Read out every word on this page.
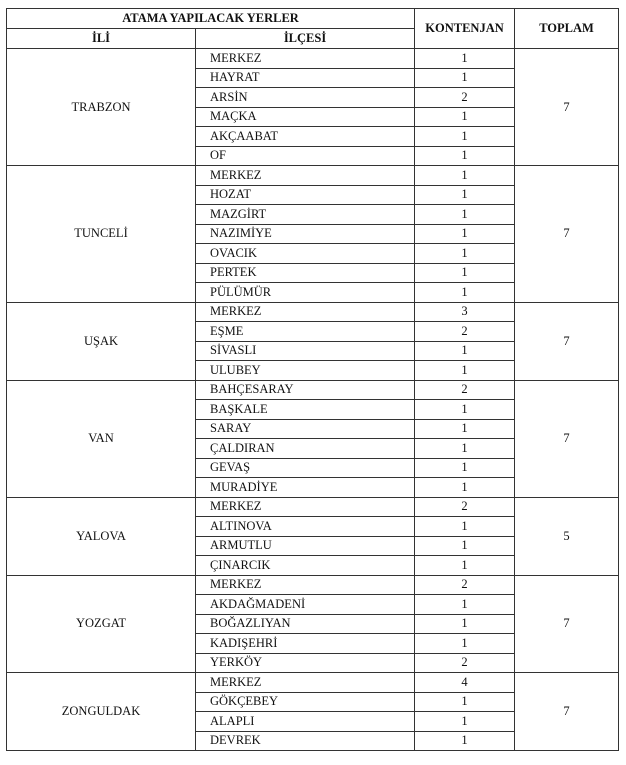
ATAMA YAPILACAK YERLER		KONTENJAN	TOPLAM
İLİ	İLÇESİ		
TRABZON	MERKEZ	1	7
	HAYRAT	1	
	ARSİN	2	
	MAÇKA	1	
	AKÇAABAT	1	
	OF	1	
TUNCELİ	MERKEZ	1	7
	HOZAT	1	
	MAZGİRT	1	
	NAZIMİYE	1	
	OVACIK	1	
	PERTEK	1	
	PÜLÜMÜR	1	
UŞAK	MERKEZ	3	7
	EŞME	2	
	SİVASLI	1	
	ULUBEY	1	
VAN	BAHÇESARAY	2	7
	BAŞKALE	1	
	SARAY	1	
	ÇALDIRAN	1	
	GEVAŞ	1	
	MURADİYE	1	
YALOVA	MERKEZ	2	5
	ALTINOVA	1	
	ARMUTLU	1	
	ÇINARCIK	1	
YOZGAT	MERKEZ	2	7
	AKDAĞMADENİ	1	
	BOĞAZLIYAN	1	
	KADIŞEHRİ	1	
	YERKÖY	2	
ZONGULDAK	MERKEZ	4	7
	GÖKÇEBEY	1	
	ALAPLI	1	
	DEVREK	1	
